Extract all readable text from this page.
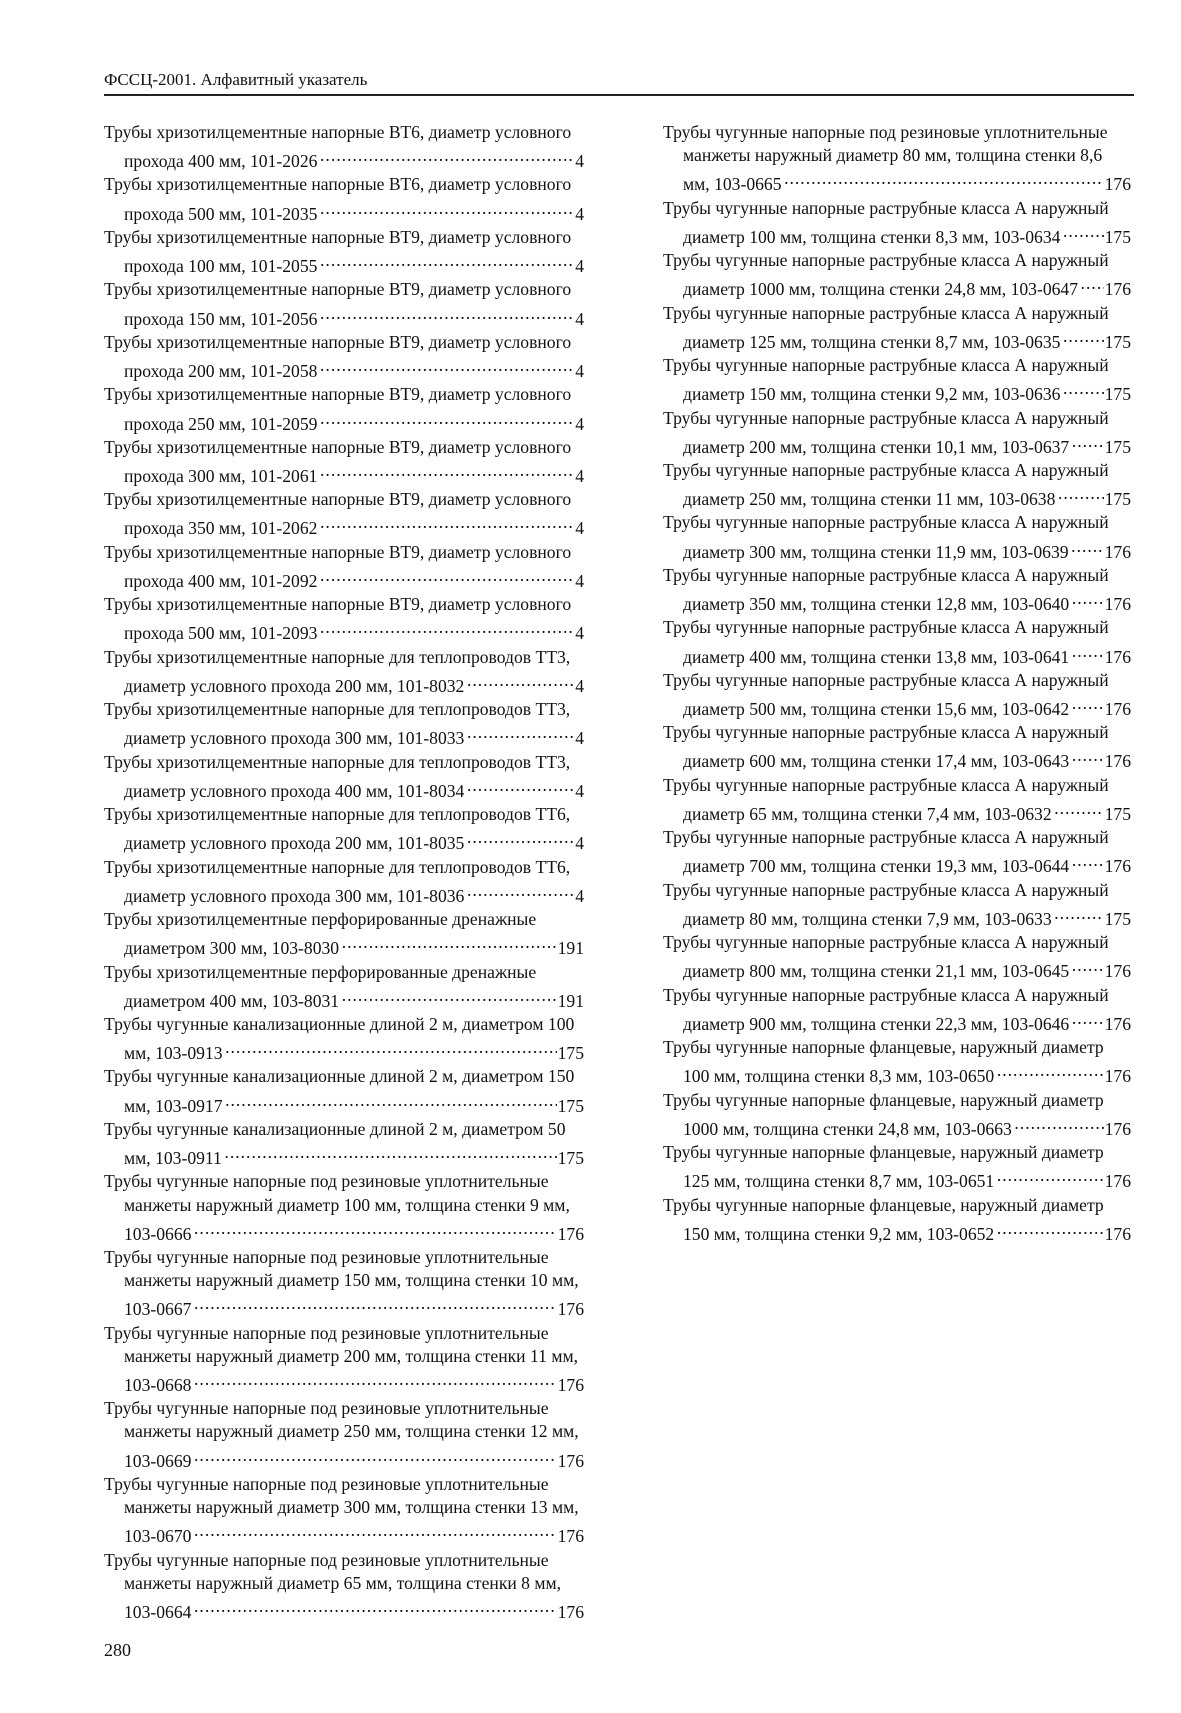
ФССЦ-2001. Алфавитный указатель
Трубы хризотилцементные напорные ВТ6, диаметр условного прохода 400 мм, 101-2026.....	4
Трубы хризотилцементные напорные ВТ6, диаметр условного прохода 500 мм, 101-2035.....	4
Трубы хризотилцементные напорные ВТ9, диаметр условного прохода 100 мм, 101-2055.....	4
Трубы хризотилцементные напорные ВТ9, диаметр условного прохода 150 мм, 101-2056.....	4
Трубы хризотилцементные напорные ВТ9, диаметр условного прохода 200 мм, 101-2058.....	4
Трубы хризотилцементные напорные ВТ9, диаметр условного прохода 250 мм, 101-2059.....	4
Трубы хризотилцементные напорные ВТ9, диаметр условного прохода 300 мм, 101-2061.....	4
Трубы хризотилцементные напорные ВТ9, диаметр условного прохода 350 мм, 101-2062.....	4
Трубы хризотилцементные напорные ВТ9, диаметр условного прохода 400 мм, 101-2092.....	4
Трубы хризотилцементные напорные ВТ9, диаметр условного прохода 500 мм, 101-2093.....	4
Трубы хризотилцементные напорные для теплопроводов ТТ3, диаметр условного прохода 200 мм, 101-8032.....	4
Трубы хризотилцементные напорные для теплопроводов ТТ3, диаметр условного прохода 300 мм, 101-8033.....	4
Трубы хризотилцементные напорные для теплопроводов ТТ3, диаметр условного прохода 400 мм, 101-8034.....	4
Трубы хризотилцементные напорные для теплопроводов ТТ6, диаметр условного прохода 200 мм, 101-8035.....	4
Трубы хризотилцементные напорные для теплопроводов ТТ6, диаметр условного прохода 300 мм, 101-8036.....	4
Трубы хризотилцементные перфорированные дренажные диаметром 300 мм, 103-8030.....	191
Трубы хризотилцементные перфорированные дренажные диаметром 400 мм, 103-8031.....	191
Трубы чугунные канализационные длиной 2 м, диаметром 100 мм, 103-0913.....	175
Трубы чугунные канализационные длиной 2 м, диаметром 150 мм, 103-0917.....	175
Трубы чугунные канализационные длиной 2 м, диаметром 50 мм, 103-0911.....	175
Трубы чугунные напорные под резиновые уплотнительные манжеты наружный диаметр 100 мм, толщина стенки 9 мм, 103-0666.....	176
Трубы чугунные напорные под резиновые уплотнительные манжеты наружный диаметр 150 мм, толщина стенки 10 мм, 103-0667.....	176
Трубы чугунные напорные под резиновые уплотнительные манжеты наружный диаметр 200 мм, толщина стенки 11 мм, 103-0668.....	176
Трубы чугунные напорные под резиновые уплотнительные манжеты наружный диаметр 250 мм, толщина стенки 12 мм, 103-0669.....	176
Трубы чугунные напорные под резиновые уплотнительные манжеты наружный диаметр 300 мм, толщина стенки 13 мм, 103-0670.....	176
Трубы чугунные напорные под резиновые уплотнительные манжеты наружный диаметр 65 мм, толщина стенки 8 мм, 103-0664.....	176
Трубы чугунные напорные под резиновые уплотнительные манжеты наружный диаметр 80 мм, толщина стенки 8,6 мм, 103-0665.....	176
Трубы чугунные напорные раструбные класса А наружный диаметр 100 мм, толщина стенки 8,3 мм, 103-0634.....	175
Трубы чугунные напорные раструбные класса А наружный диаметр 1000 мм, толщина стенки 24,8 мм, 103-0647..... 176
Трубы чугунные напорные раструбные класса А наружный диаметр 125 мм, толщина стенки 8,7 мм, 103-0635.....	175
Трубы чугунные напорные раструбные класса А наружный диаметр 150 мм, толщина стенки 9,2 мм, 103-0636.....	175
Трубы чугунные напорные раструбные класса А наружный диаметр 200 мм, толщина стенки 10,1 мм, 103-0637..... 175
Трубы чугунные напорные раструбные класса А наружный диаметр 250 мм, толщина стенки 11 мм, 103-0638.....	175
Трубы чугунные напорные раструбные класса А наружный диаметр 300 мм, толщина стенки 11,9 мм, 103-0639..... 176
Трубы чугунные напорные раструбные класса А наружный диаметр 350 мм, толщина стенки 12,8 мм, 103-0640..... 176
Трубы чугунные напорные раструбные класса А наружный диаметр 400 мм, толщина стенки 13,8 мм, 103-0641..... 176
Трубы чугунные напорные раструбные класса А наружный диаметр 500 мм, толщина стенки 15,6 мм, 103-0642..... 176
Трубы чугунные напорные раструбные класса А наружный диаметр 600 мм, толщина стенки 17,4 мм, 103-0643..... 176
Трубы чугунные напорные раструбные класса А наружный диаметр 65 мм, толщина стенки 7,4 мм, 103-0632.....	175
Трубы чугунные напорные раструбные класса А наружный диаметр 700 мм, толщина стенки 19,3 мм, 103-0644..... 176
Трубы чугунные напорные раструбные класса А наружный диаметр 80 мм, толщина стенки 7,9 мм, 103-0633.....	175
Трубы чугунные напорные раструбные класса А наружный диаметр 800 мм, толщина стенки 21,1 мм, 103-0645..... 176
Трубы чугунные напорные раструбные класса А наружный диаметр 900 мм, толщина стенки 22,3 мм, 103-0646..... 176
Трубы чугунные напорные фланцевые, наружный диаметр 100 мм, толщина стенки 8,3 мм, 103-0650.....	176
Трубы чугунные напорные фланцевые, наружный диаметр 1000 мм, толщина стенки 24,8 мм, 103-0663.....	176
Трубы чугунные напорные фланцевые, наружный диаметр 125 мм, толщина стенки 8,7 мм, 103-0651.....	176
Трубы чугунные напорные фланцевые, наружный диаметр 150 мм, толщина стенки 9,2 мм, 103-0652.....	176
280
